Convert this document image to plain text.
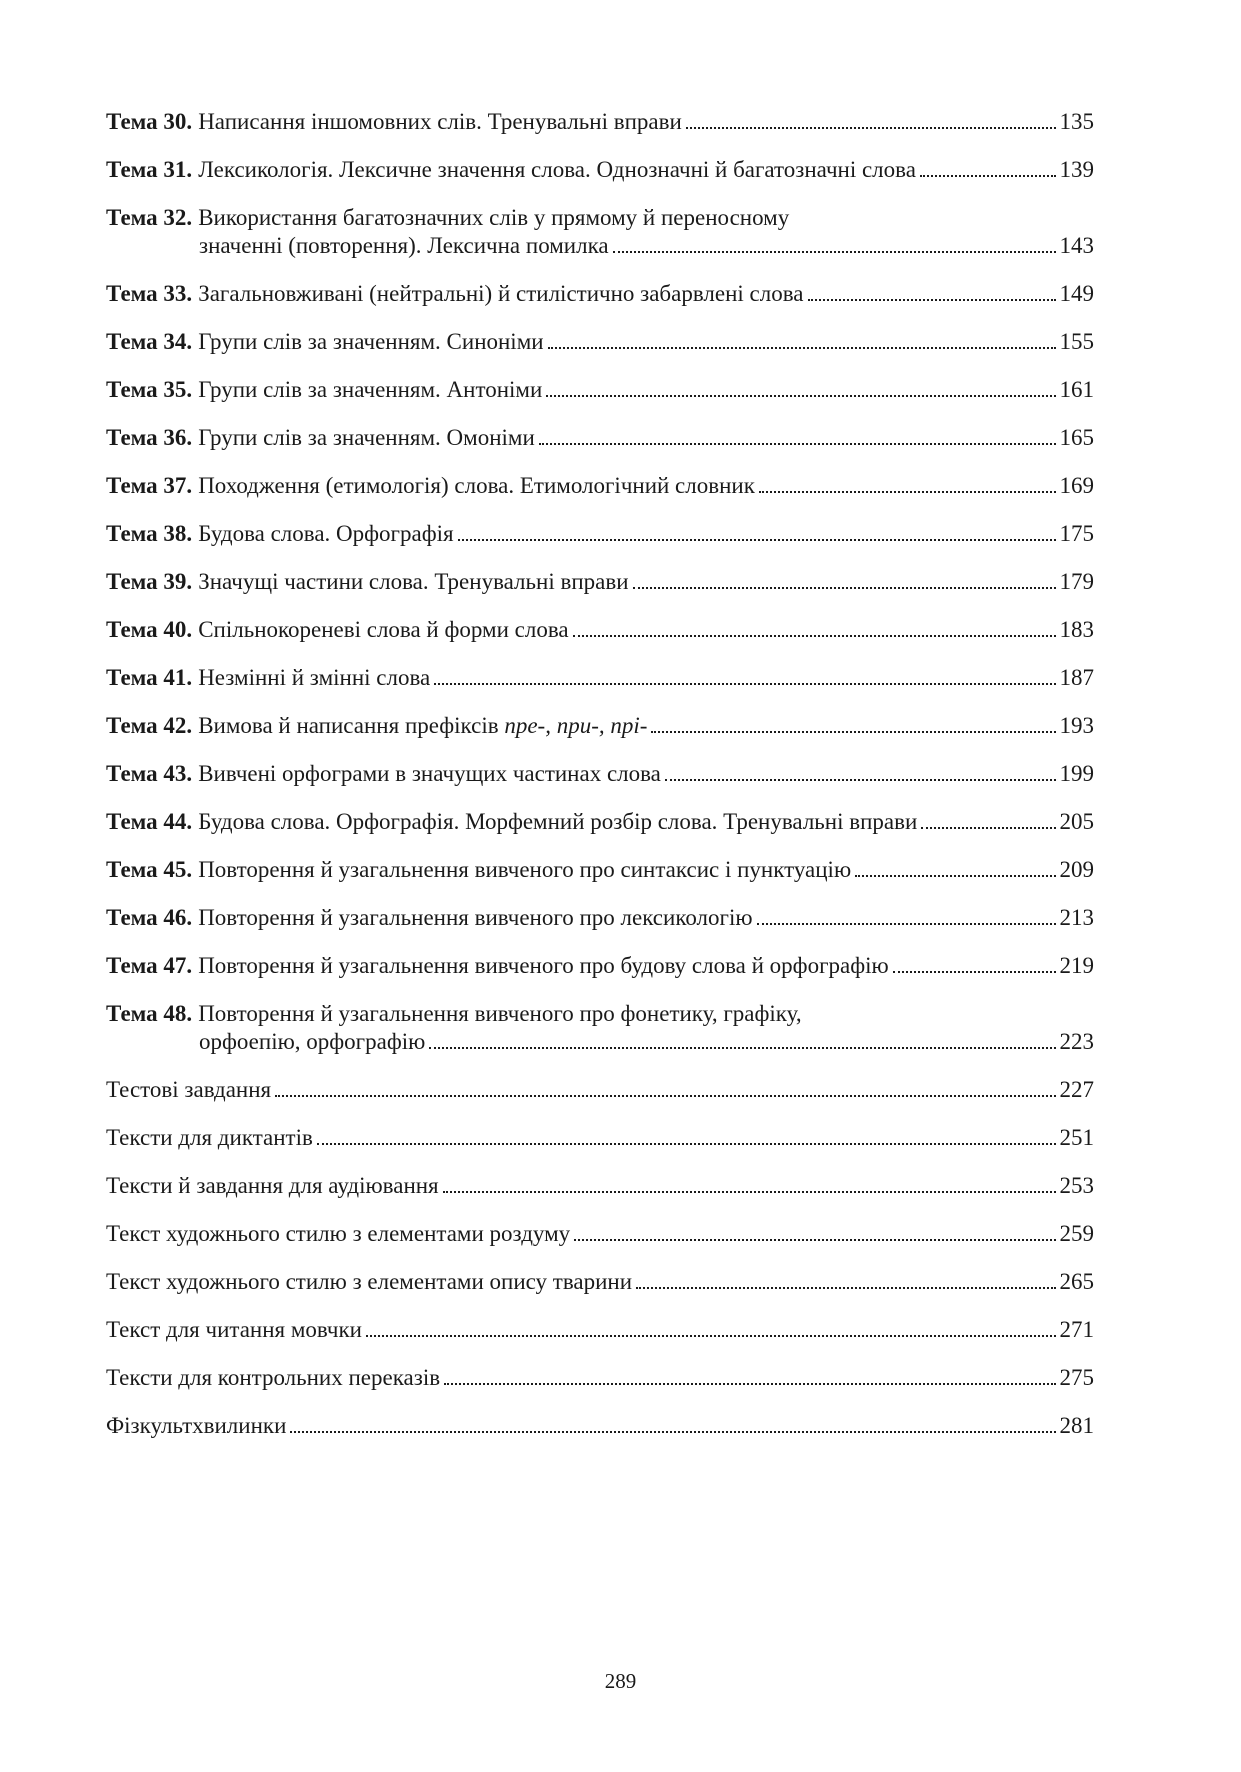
Тема 30. Написання іншомовних слів. Тренувальні вправи	135
Тема 31. Лексикологія. Лексичне значення слова. Однозначні й багатозначні слова	139
Тема 32. Використання багатозначних слів у прямому й переносному
значенні (повторення). Лексична помилка	143
Тема 33. Загальновживані (нейтральні) й стилістично забарвлені слова	149
Тема 34. Групи слів за значенням. Синоніми	155
Тема 35. Групи слів за значенням. Антоніми	161
Тема 36. Групи слів за значенням. Омоніми	165
Тема 37. Походження (етимологія) слова. Етимологічний словник	169
Тема 38. Будова слова. Орфографія	175
Тема 39. Значущі частини слова. Тренувальні вправи	179
Тема 40. Спільнокореневі слова й форми слова	183
Тема 41. Незмінні й змінні слова	187
Тема 42. Вимова й написання префіксів пре-, при-, прі-	193
Тема 43. Вивчені орфограми в значущих частинах слова	199
Тема 44. Будова слова. Орфографія. Морфемний розбір слова. Тренувальні вправи	205
Тема 45. Повторення й узагальнення вивченого про синтаксис і пунктуацію	209
Тема 46. Повторення й узагальнення вивченого про лексикологію	213
Тема 47. Повторення й узагальнення вивченого про будову слова й орфографію	219
Тема 48. Повторення й узагальнення вивченого про фонетику, графіку,
орфоепію, орфографію	223
Тестові завдання	227
Тексти для диктантів	251
Тексти й завдання для аудіювання	253
Текст художнього стилю з елементами роздуму	259
Текст художнього стилю з елементами опису тварини	265
Текст для читання мовчки	271
Тексти для контрольних переказів	275
Фізкультхвилинки	281
289
